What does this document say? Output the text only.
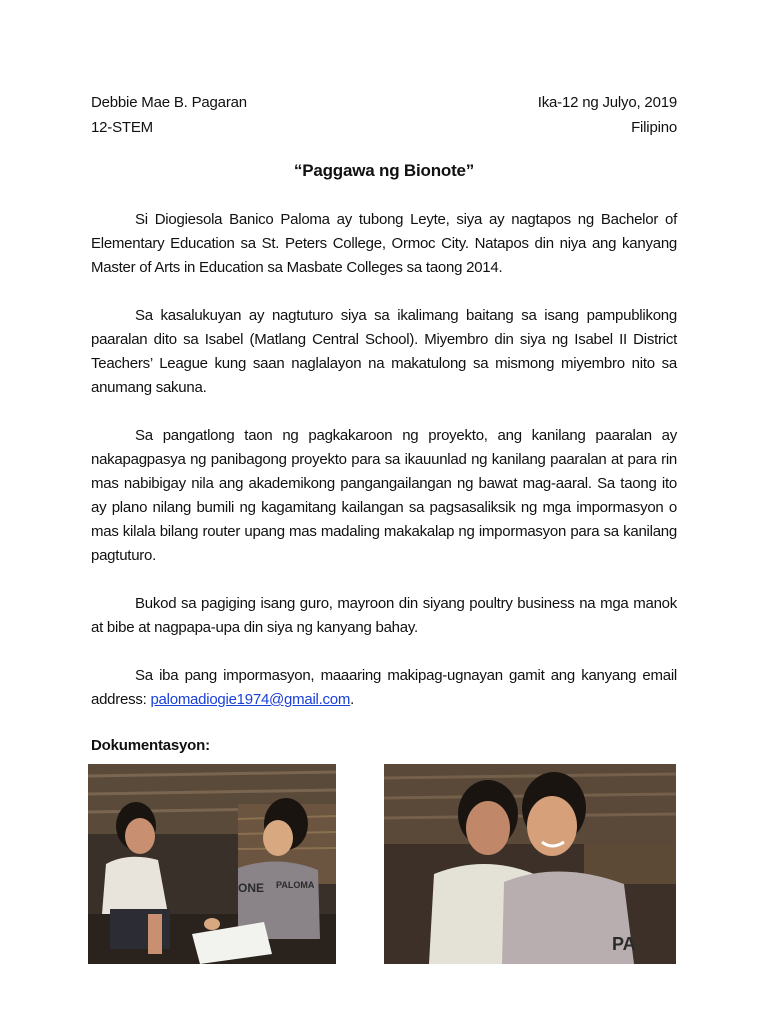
Debbie Mae B. Pagaran	Ika-12 ng Julyo, 2019
12-STEM	Filipino
“Paggawa ng Bionote”

Si Diogiesola Banico Paloma ay tubong Leyte, siya ay nagtapos ng Bachelor of Elementary Education sa St. Peters College, Ormoc City. Natapos din niya ang kanyang Master of Arts in Education sa Masbate Colleges sa taong 2014.

Sa kasalukuyan ay nagtuturo siya sa ikalimang baitang sa isang pampublikong paaralan dito sa Isabel (Matlang Central School). Miyembro din siya ng Isabel II District Teachers’ League kung saan naglalayon na makatulong sa mismong miyembro nito sa anumang sakuna.

Sa pangatlong taon ng pagkakaroon ng proyekto, ang kanilang paaralan ay nakapagpasya ng panibagong proyekto para sa ikauunlad ng kanilang paaralan at para rin mas nabibigay nila ang akademikong pangangailangan ng bawat mag-aaral. Sa taong ito ay plano nilang bumili ng kagamitang kailangan sa pagsasaliksik ng mga impormasyon o mas kilala bilang router upang mas madaling makakalap ng impormasyon para sa kanilang pagtuturo.

Bukod sa pagiging isang guro, mayroon din siyang poultry business na mga manok at bibe at nagpapa-upa din siya ng kanyang bahay.

Sa iba pang impormasyon, maaaring makipag-ugnayan gamit ang kanyang email address: palomadiogie1974@gmail.com.

Dokumentasyon:
ONE PALOMA
PA
